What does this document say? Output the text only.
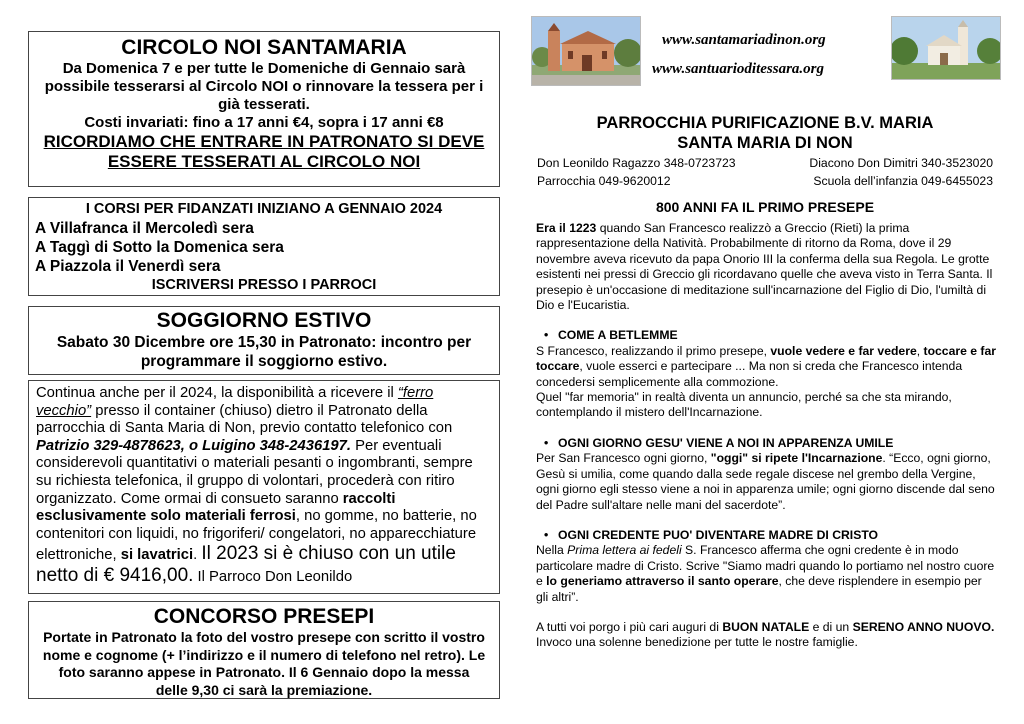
CIRCOLO NOI SANTAMARIA

Da Domenica 7 e per tutte le Domeniche di Gennaio sarà possibile tesserarsi al Circolo NOI o rinnovare la tessera per i già tesserati.

Costi invariati: fino a 17 anni €4, sopra i 17 anni €8

RICORDIAMO CHE ENTRARE IN PATRONATO SI DEVE ESSERE TESSERATI AL CIRCOLO NOI

I CORSI PER FIDANZATI INIZIANO A GENNAIO 2024
A Villafranca il Mercoledì sera
A Taggì di Sotto la Domenica sera
A Piazzola il Venerdì sera
ISCRIVERSI PRESSO I PARROCI
SOGGIORNO ESTIVO

Sabato 30 Dicembre ore 15,30 in Patronato: incontro per programmare il soggiorno estivo.

Continua anche per il 2024, la disponibilità a ricevere il “ferro vecchio” presso il container (chiuso) dietro il Patronato della parrocchia di Santa Maria di Non, previo contatto telefonico con Patrizio 329-4878623, o Luigino 348-2436197. Per eventuali considerevoli quantitativi o materiali pesanti o ingombranti, sempre su richiesta telefonica, il gruppo di volontari, procederà con ritiro organizzato. Come ormai di consueto saranno raccolti esclusivamente solo materiali ferrosi, no gomme, no batterie, no contenitori con liquidi, no frigoriferi/ congelatori, no apparecchiature elettroniche, si lavatrici. Il 2023 si è chiuso con un utile netto di € 9416,00. Il Parroco Don Leonildo

CONCORSO PRESEPI

Portate in Patronato la foto del vostro presepe con scritto il vostro nome e cognome (+ l’indirizzo e il numero di telefono nel retro). Le foto saranno appese in Patronato. Il 6 Gennaio dopo la messa delle 9,30 ci sarà la premiazione.

www.santamariadinon.org
www.santuarioditessara.org
PARROCCHIA PURIFICAZIONE B.V. MARIA
SANTA MARIA DI NON
Don Leonildo Ragazzo 348-0723723	Diacono Don Dimitri 340-3523020
Parrocchia 049-9620012	Scuola dell’infanzia 049-6455023
800 ANNI FA IL PRIMO PRESEPE

Era il 1223 quando San Francesco realizzò a Greccio (Rieti) la prima rappresentazione della Natività. Probabilmente di ritorno da Roma, dove il 29 novembre aveva ricevuto da papa Onorio III la conferma della sua Regola. Le grotte esistenti nei pressi di Greccio gli ricordavano quelle che aveva visto in Terra Santa. Il presepio è un'occasione di meditazione sull'incarnazione del Figlio di Dio, l'umiltà di Dio e l'Eucaristia.

• COME A BETLEMME

S Francesco, realizzando il primo presepe, vuole vedere e far vedere, toccare e far toccare, vuole esserci e partecipare ... Ma non si creda che Francesco intenda concedersi semplicemente alla commozione.
Quel "far memoria" in realtà diventa un annuncio, perché sa che sta mirando, contemplando il mistero dell'Incarnazione.

• OGNI GIORNO GESU' VIENE A NOI IN APPARENZA UMILE

Per San Francesco ogni giorno, "oggi" si ripete l'Incarnazione. “Ecco, ogni giorno, Gesù si umilia, come quando dalla sede regale discese nel grembo della Vergine, ogni giorno egli stesso viene a noi in apparenza umile; ogni giorno discende dal seno del Padre sull'altare nelle mani del sacerdote”.

• OGNI CREDENTE PUO' DIVENTARE MADRE DI CRISTO

Nella Prima lettera ai fedeli S. Francesco afferma che ogni credente è in modo particolare madre di Cristo. Scrive "Siamo madri quando lo portiamo nel nostro cuore e lo generiamo attraverso il santo operare, che deve risplendere in esempio per gli altri”.

A tutti voi porgo i più cari auguri di BUON NATALE e di un SERENO ANNO NUOVO. Invoco una solenne benedizione per tutte le nostre famiglie.
